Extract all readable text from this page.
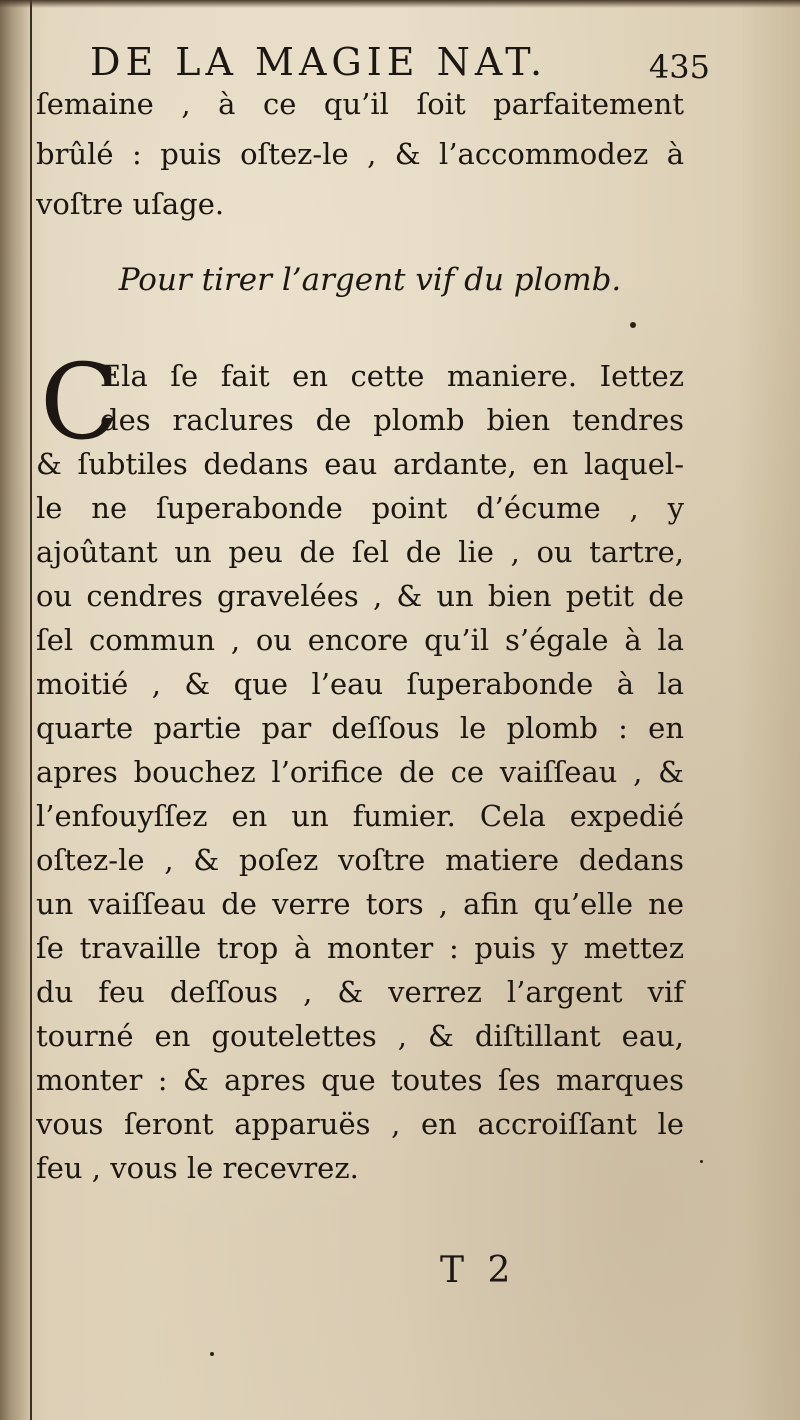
DE LA MAGIE NAT.	435
ſemaine , à ce qu’il ſoit parfaitement
brûlé : puis oſtez-le , & l’accommodez à
voſtre uſage.
Pour tirer l’argent vif du plomb.
C
Ela ſe fait en cette maniere. Iettez
des raclures de plomb bien tendres
& ſubtiles dedans eau ardante, en laquel-
le ne ſuperabonde point d’écume , y
ajoûtant un peu de ſel de lie , ou tartre,
ou cendres gravelées , & un bien petit de
ſel commun , ou encore qu’il s’égale à la
moitié , & que l’eau ſuperabonde à la
quarte partie par deſſous le plomb : en
apres bouchez l’orifice de ce vaiſſeau , &
l’enfouyſſez en un fumier. Cela expedié
oſtez-le , & poſez voſtre matiere dedans
un vaiſſeau de verre tors , afin qu’elle ne
ſe travaille trop à monter : puis y mettez
du feu deſſous , & verrez l’argent vif
tourné en goutelettes , & diſtillant eau,
monter : & apres que toutes ſes marques
vous ſeront apparuës , en accroiſſant le
feu , vous le recevrez.
T 2
